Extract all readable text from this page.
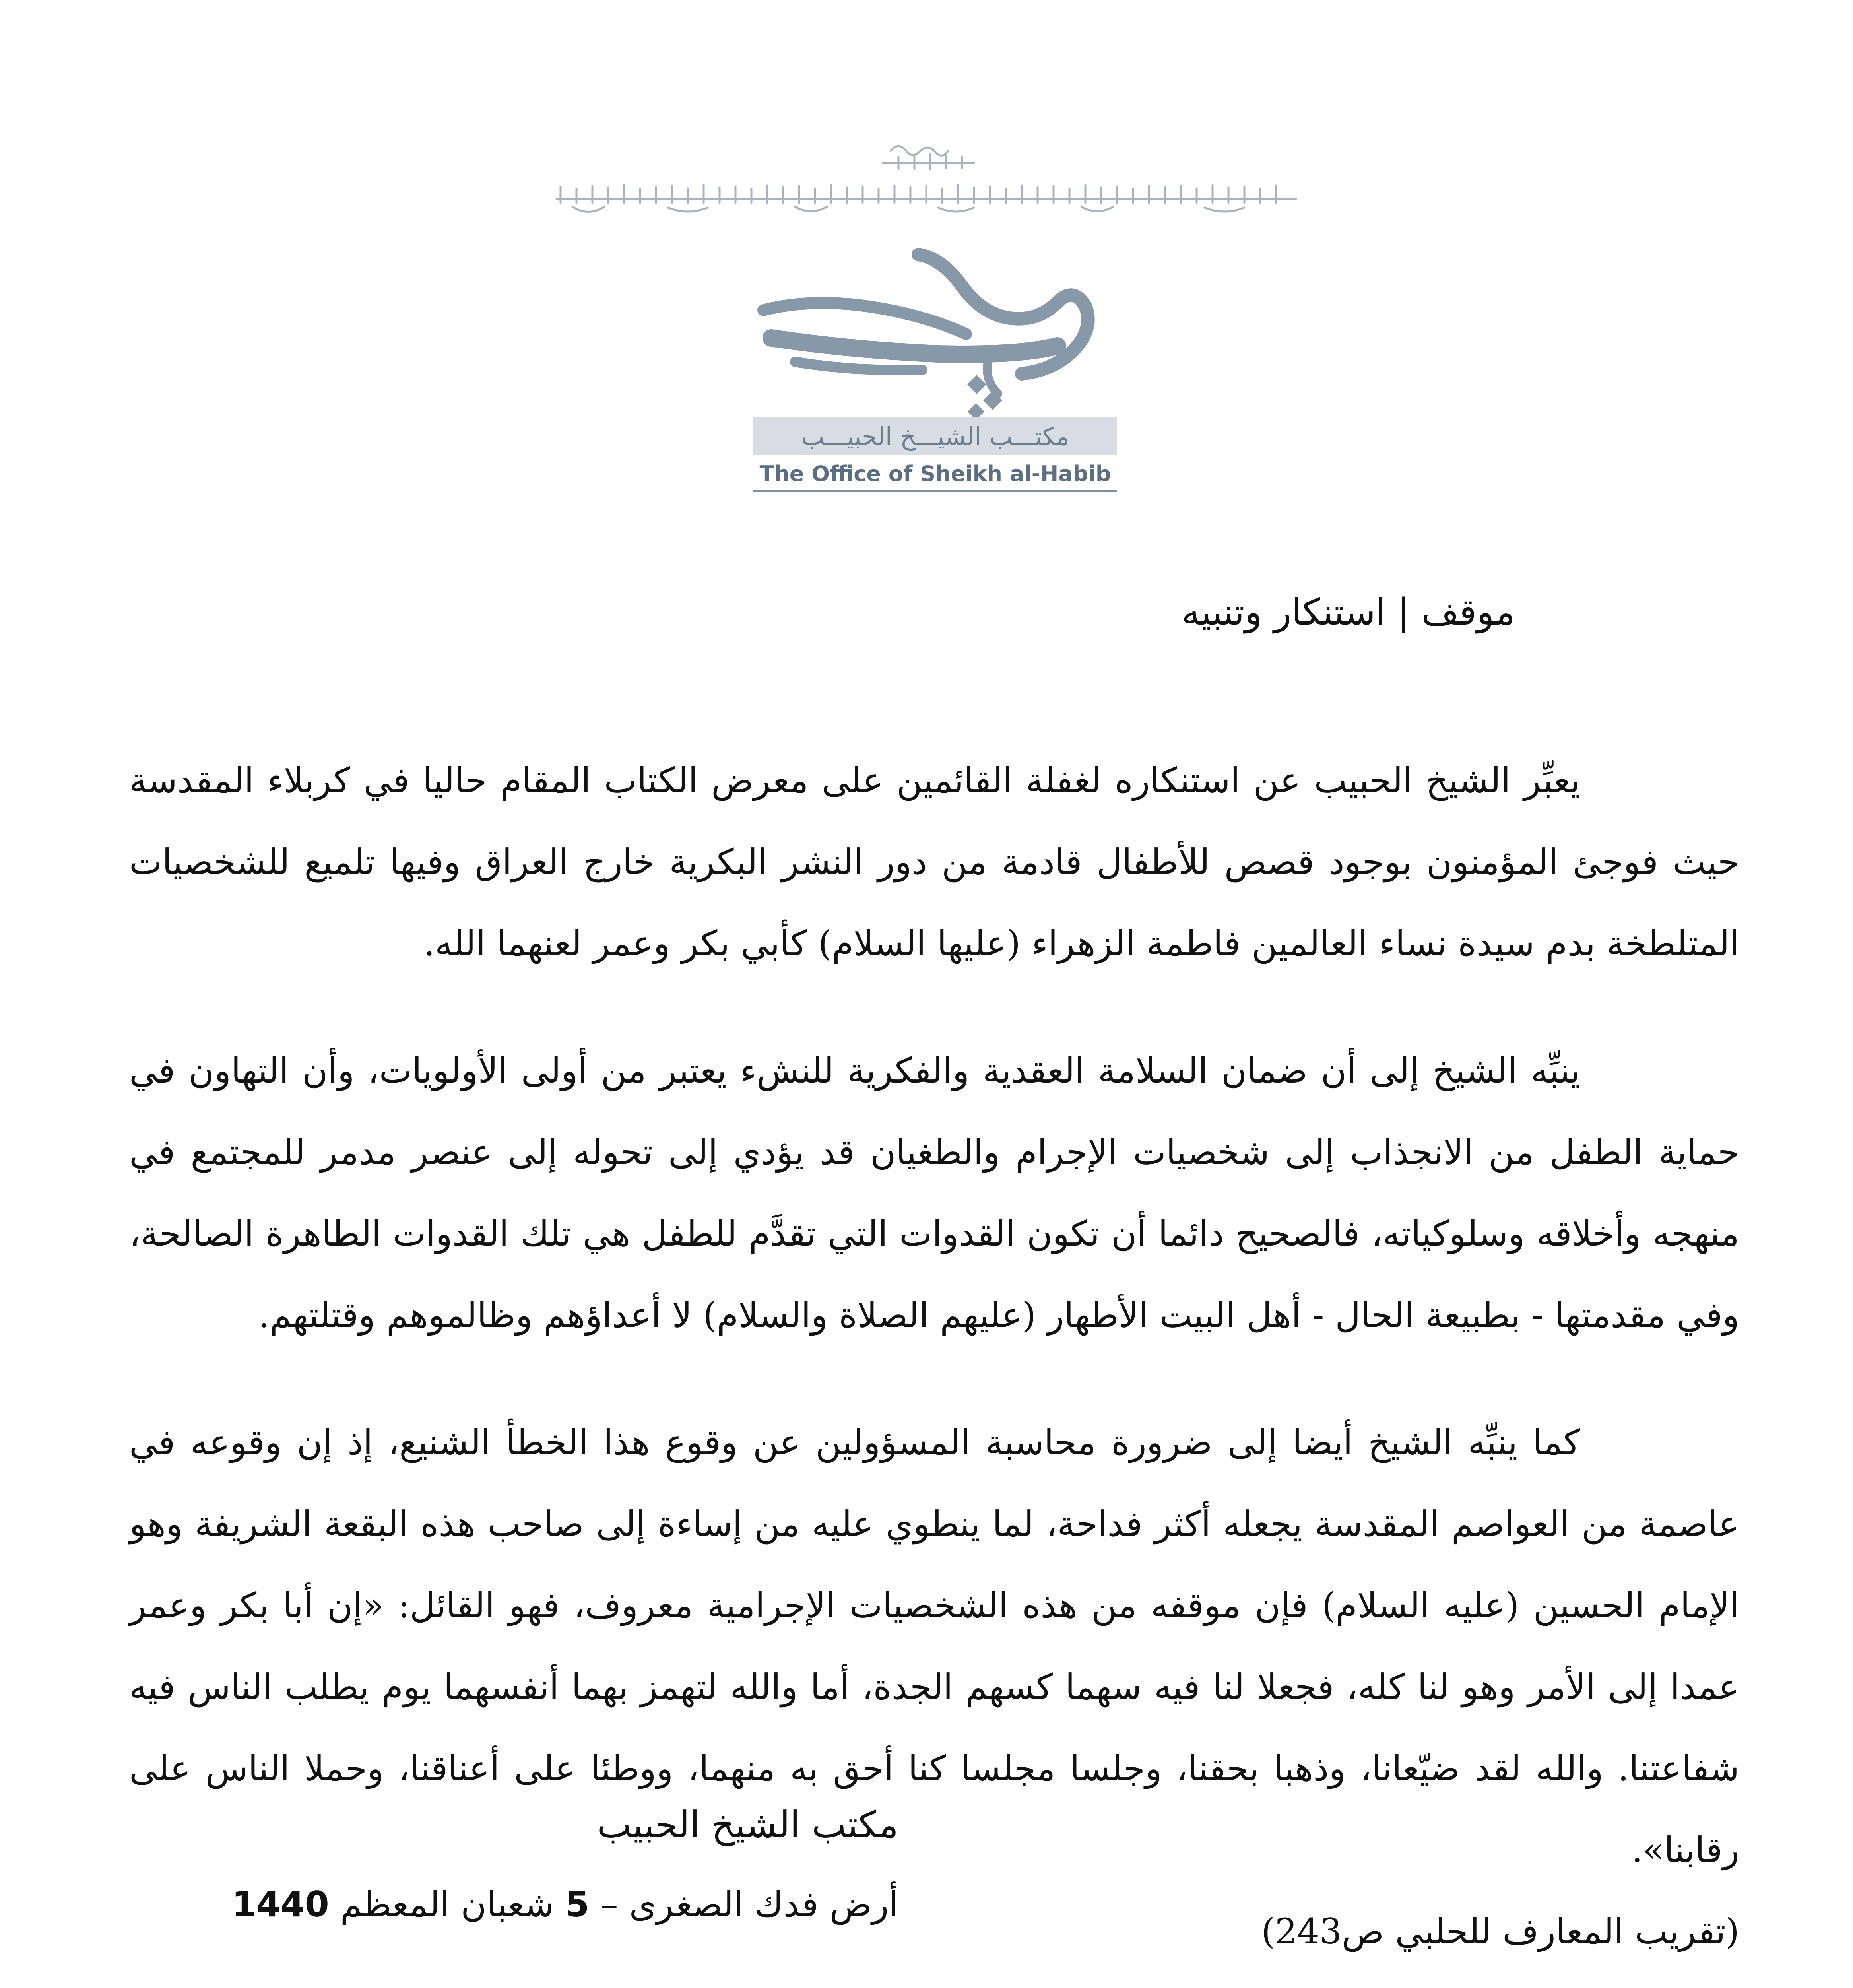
مكتـــب الشيـــخ الحبيـــب
The Office of Sheikh al-Habib
موقف | استنكار وتنبيه

يعبِّر الشيخ الحبيب عن استنكاره لغفلة القائمين على معرض الكتاب المقام حاليا في كربلاء المقدسة حيث فوجئ المؤمنون بوجود قصص للأطفال قادمة من دور النشر البكرية خارج العراق وفيها تلميع للشخصيات المتلطخة بدم سيدة نساء العالمين فاطمة الزهراء (عليها السلام) كأبي بكر وعمر لعنهما الله.

ينبِّه الشيخ إلى أن ضمان السلامة العقدية والفكرية للنشء يعتبر من أولى الأولويات، وأن التهاون في حماية الطفل من الانجذاب إلى شخصيات الإجرام والطغيان قد يؤدي إلى تحوله إلى عنصر مدمر للمجتمع في منهجه وأخلاقه وسلوكياته، فالصحيح دائما أن تكون القدوات التي تقدَّم للطفل هي تلك القدوات الطاهرة الصالحة، وفي مقدمتها - بطبيعة الحال - أهل البيت الأطهار (عليهم الصلاة والسلام) لا أعداؤهم وظالموهم وقتلتهم.

كما ينبِّه الشيخ أيضا إلى ضرورة محاسبة المسؤولين عن وقوع هذا الخطأ الشنيع، إذ إن وقوعه في عاصمة من العواصم المقدسة يجعله أكثر فداحة، لما ينطوي عليه من إساءة إلى صاحب هذه البقعة الشريفة وهو الإمام الحسين (عليه السلام) فإن موقفه من هذه الشخصيات الإجرامية معروف، فهو القائل: «إن أبا بكر وعمر عمدا إلى الأمر وهو لنا كله، فجعلا لنا فيه سهما كسهم الجدة، أما والله لتهمز بهما أنفسهما يوم يطلب الناس فيه شفاعتنا. والله لقد ضيّعانا، وذهبا بحقنا، وجلسا مجلسا كنا أحق به منهما، ووطئا على أعناقنا، وحملا الناس على رقابنا».

(تقريب المعارف للحلبي ص243)

مكتب الشيخ الحبيب
أرض فدك الصغرى – 5 شعبان المعظم 1440
